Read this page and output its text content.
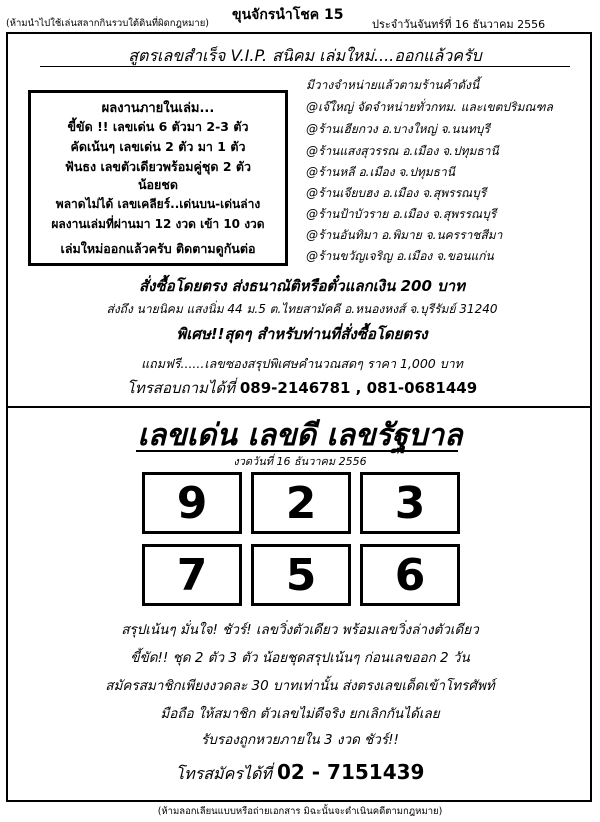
ขุนจักรนำโชค 15
(ห้ามนำไปใช้เล่นสลากกินรวบใต้ดินที่ผิดกฎหมาย)	ประจำวันจันทร์ที่ 16 ธันวาคม 2556
สูตรเลขสำเร็จ V.I.P. สนิคม เล่มใหม่....ออกแล้วครับ
ผลงานภายในเล่ม...
ขี้ขัด !! เลขเด่น 6 ตัวมา 2-3 ตัว
คัดเน้นๆ เลขเด่น 2 ตัว มา 1 ตัว
ฟันธง เลขตัวเดียวพร้อมคู่ชุด 2 ตัว
น้อยชด
พลาดไม่ได้ เลขเคลียร์..เด่นบน-เด่นล่าง
ผลงานเล่มที่ผ่านมา 12 งวด เข้า 10 งวด
เล่มใหม่ออกแล้วครับ ติดตามดูกันต่อ
มีวางจำหน่ายแล้วตามร้านค้าดังนี้
@เจ๊ใหญ่ จัดจำหน่ายทั่วกทม. และเขตปริมณฑล
@ร้านเฮียกวง อ.บางใหญ่ จ.นนทบุรี
@ร้านแสงสุวรรณ อ.เมือง จ.ปทุมธานี
@ร้านหลี อ.เมือง จ.ปทุมธานี
@ร้านเจียบฮง อ.เมือง จ.สุพรรณบุรี
@ร้านป้าบัวราย อ.เมือง จ.สุพรรณบุรี
@ร้านอันทิมา อ.พิมาย จ.นครราชสีมา
@ร้านขวัญเจริญ อ.เมือง จ.ขอนแก่น
สั่งซื้อโดยตรง ส่งธนาณัติหรือตั๋วแลกเงิน 200 บาท
ส่งถึง นายนิคม แสงนิ่ม 44 ม.5 ต.ไทยสามัคคี อ.หนองหงส์ จ.บุรีรัมย์ 31240
พิเศษ!!สุดๆ สำหรับท่านที่สั่งซื้อโดยตรง
แถมฟรี......เลขซองสรุปพิเศษคำนวณสดๆ ราคา 1,000 บาท
โทรสอบถามได้ที่ 089-2146781 , 081-0681449
เลขเด่น เลขดี เลขรัฐบาล
งวดวันที่ 16 ธันวาคม 2556
9	2	3
7	5	6
สรุปเน้นๆ มั่นใจ! ชัวร์! เลขวิ่งตัวเดียว พร้อมเลขวิ่งล่างตัวเดียว
ขี้ขัด!! ชุด 2 ตัว 3 ตัว น้อยชุดสรุปเน้นๆ ก่อนเลขออก 2 วัน
สมัครสมาชิกเพียงงวดละ 30 บาทเท่านั้น ส่งตรงเลขเด็ดเข้าโทรศัพท์
มือถือ ให้สมาชิก ตัวเลขไม่ดีจริง ยกเลิกกันได้เลย
รับรองถูกหวยภายใน 3 งวด ชัวร์!!
โทรสมัครได้ที่ 02 - 7151439
(ห้ามลอกเลียนแบบหรือถ่ายเอกสาร มิฉะนั้นจะดำเนินคดีตามกฎหมาย)
